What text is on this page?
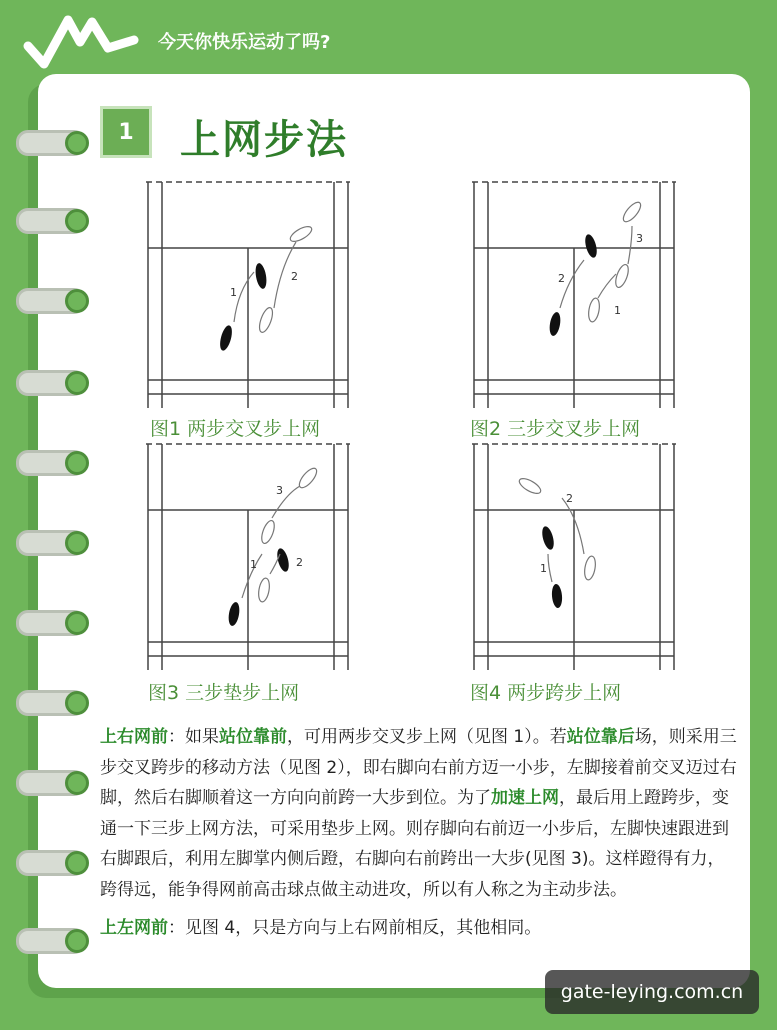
今天你快乐运动了吗?
1	上网步法
1
2
图1 两步交叉步上网
1
2
3
图2 三步交叉步上网
1	2
3
图3 三步垫步上网
1
2
图4 两步跨步上网

上右网前：如果站位靠前，可用两步交叉步上网（见图 1）。若站位靠后场，则采用三步交叉跨步的移动方法（见图 2），即右脚向右前方迈一小步，左脚接着前交叉迈过右脚，然后右脚顺着这一方向向前跨一大步到位。为了加速上网，最后用上蹬跨步，变通一下三步上网方法，可采用垫步上网。则存脚向右前迈一小步后，左脚快速跟进到右脚跟后，利用左脚掌内侧后蹬，右脚向右前跨出一大步(见图 3)。这样蹬得有力，跨得远，能争得网前高击球点做主动进攻，所以有人称之为主动步法。

上左网前：见图 4，只是方向与上右网前相反，其他相同。

gate-leying.com.cn
